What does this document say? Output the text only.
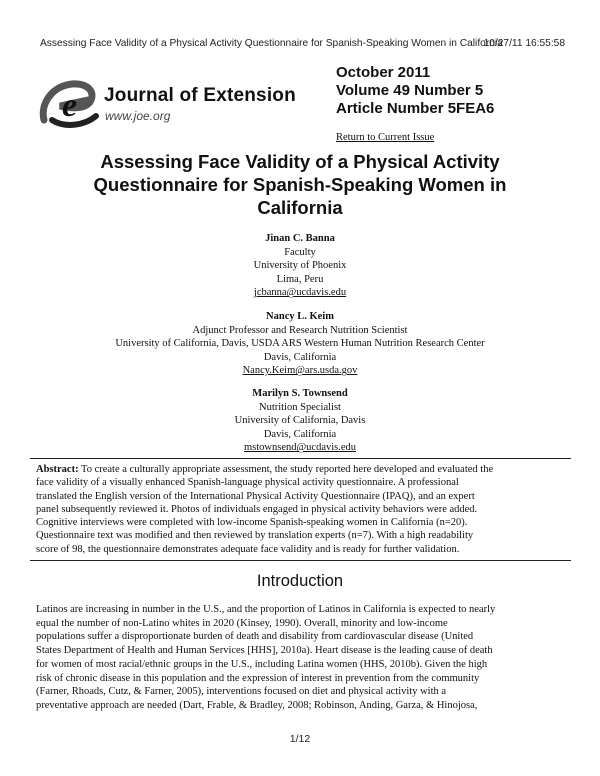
Assessing Face Validity of a Physical Activity Questionnaire for Spanish-Speaking Women in California
10/27/11 16:55:58
e Journal of Extension
www.joe.org
October 2011
Volume 49 Number 5
Article Number 5FEA6
Return to Current Issue
Assessing Face Validity of a Physical Activity
Questionnaire for Spanish-Speaking Women in
California
Jinan C. Banna
Faculty
University of Phoenix
Lima, Peru
jcbanna@ucdavis.edu
Nancy L. Keim
Adjunct Professor and Research Nutrition Scientist
University of California, Davis, USDA ARS Western Human Nutrition Research Center
Davis, California
Nancy.Keim@ars.usda.gov
Marilyn S. Townsend
Nutrition Specialist
University of California, Davis
Davis, California
mstownsend@ucdavis.edu
Abstract: To create a culturally appropriate assessment, the study reported here developed and evaluated the
face validity of a visually enhanced Spanish-language physical activity questionnaire. A professional
translated the English version of the International Physical Activity Questionnaire (IPAQ), and an expert
panel subsequently reviewed it. Photos of individuals engaged in physical activity behaviors were added.
Cognitive interviews were completed with low-income Spanish-speaking women in California (n=20).
Questionnaire text was modified and then reviewed by translation experts (n=7). With a high readability
score of 98, the questionnaire demonstrates adequate face validity and is ready for further validation.
Introduction
Latinos are increasing in number in the U.S., and the proportion of Latinos in California is expected to nearly
equal the number of non-Latino whites in 2020 (Kinsey, 1990). Overall, minority and low-income
populations suffer a disproportionate burden of death and disability from cardiovascular disease (United
States Department of Health and Human Services [HHS], 2010a). Heart disease is the leading cause of death
for women of most racial/ethnic groups in the U.S., including Latina women (HHS, 2010b). Given the high
risk of chronic disease in this population and the expression of interest in prevention from the community
(Farner, Rhoads, Cutz, & Farner, 2005), interventions focused on diet and physical activity with a
preventative approach are needed (Dart, Frable, & Bradley, 2008; Robinson, Anding, Garza, & Hinojosa,
1/12
